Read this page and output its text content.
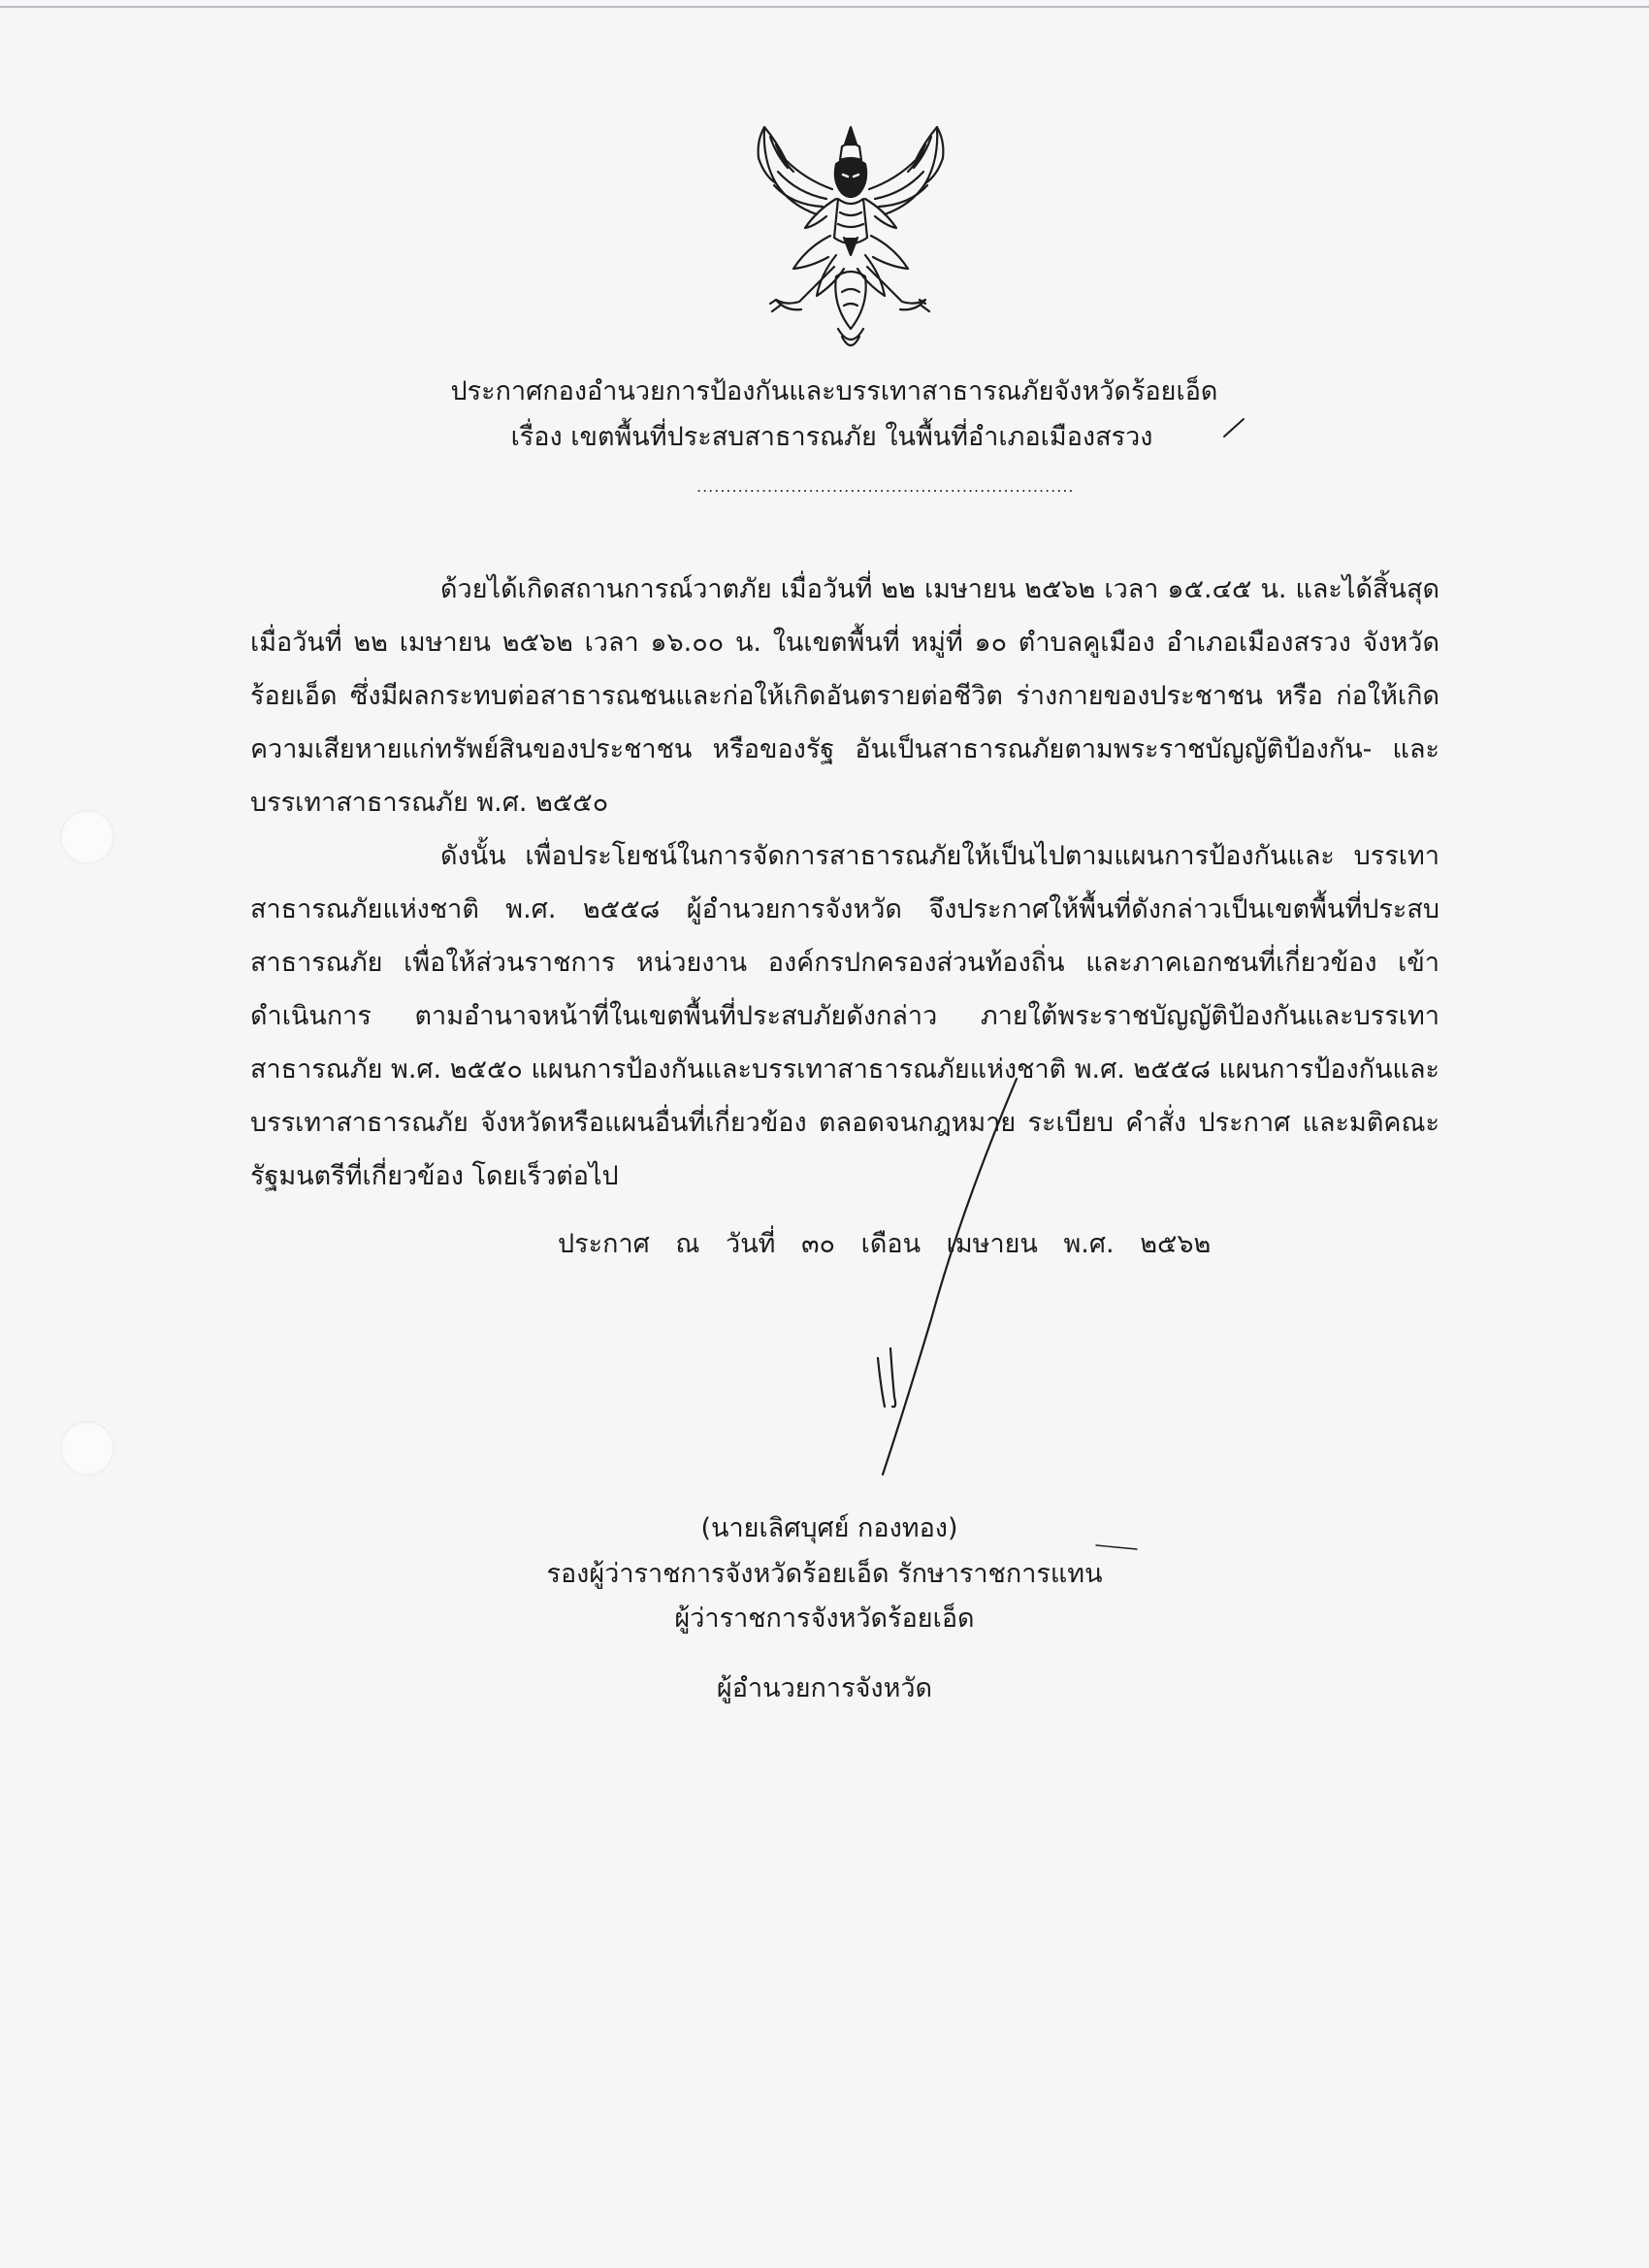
ประกาศกองอำนวยการป้องกันและบรรเทาสาธารณภัยจังหวัดร้อยเอ็ด
เรื่อง เขตพื้นที่ประสบสาธารณภัย ในพื้นที่อำเภอเมืองสรวง
................................................................

ด้วยได้เกิดสถานการณ์วาตภัย เมื่อวันที่ ๒๒ เมษายน ๒๕๖๒ เวลา ๑๕.๔๕ น. และได้สิ้นสุด เมื่อวันที่ ๒๒ เมษายน ๒๕๖๒ เวลา ๑๖.๐๐ น. ในเขตพื้นที่ หมู่ที่ ๑๐ ตำบลคูเมือง อำเภอเมืองสรวง จังหวัดร้อยเอ็ด ซึ่งมีผลกระทบต่อสาธารณชนและก่อให้เกิดอันตรายต่อชีวิต ร่างกายของประชาชน หรือ ก่อให้เกิดความเสียหายแก่ทรัพย์สินของประชาชน หรือของรัฐ อันเป็นสาธารณภัยตามพระราชบัญญัติป้องกัน- และบรรเทาสาธารณภัย พ.ศ. ๒๕๕๐

ดังนั้น เพื่อประโยชน์ในการจัดการสาธารณภัยให้เป็นไปตามแผนการป้องกันและ บรรเทาสาธารณภัยแห่งชาติ พ.ศ. ๒๕๕๘ ผู้อำนวยการจังหวัด จึงประกาศให้พื้นที่ดังกล่าวเป็นเขตพื้นที่ประสบ สาธารณภัย เพื่อให้ส่วนราชการ หน่วยงาน องค์กรปกครองส่วนท้องถิ่น และภาคเอกชนที่เกี่ยวข้อง เข้าดำเนินการ ตามอำนาจหน้าที่ในเขตพื้นที่ประสบภัยดังกล่าว ภายใต้พระราชบัญญัติป้องกันและบรรเทาสาธารณภัย พ.ศ. ๒๕๕๐ แผนการป้องกันและบรรเทาสาธารณภัยแห่งชาติ พ.ศ. ๒๕๕๘ แผนการป้องกันและบรรเทาสาธารณภัย จังหวัดหรือแผนอื่นที่เกี่ยวข้อง ตลอดจนกฎหมาย ระเบียบ คำสั่ง ประกาศ และมติคณะรัฐมนตรีที่เกี่ยวข้อง โดยเร็วต่อไป

ประกาศ ณ วันที่ ๓๐ เดือน เมษายน พ.ศ. ๒๕๖๒
(นายเลิศบุศย์ กองทอง)
รองผู้ว่าราชการจังหวัดร้อยเอ็ด รักษาราชการแทน
ผู้ว่าราชการจังหวัดร้อยเอ็ด
ผู้อำนวยการจังหวัด
